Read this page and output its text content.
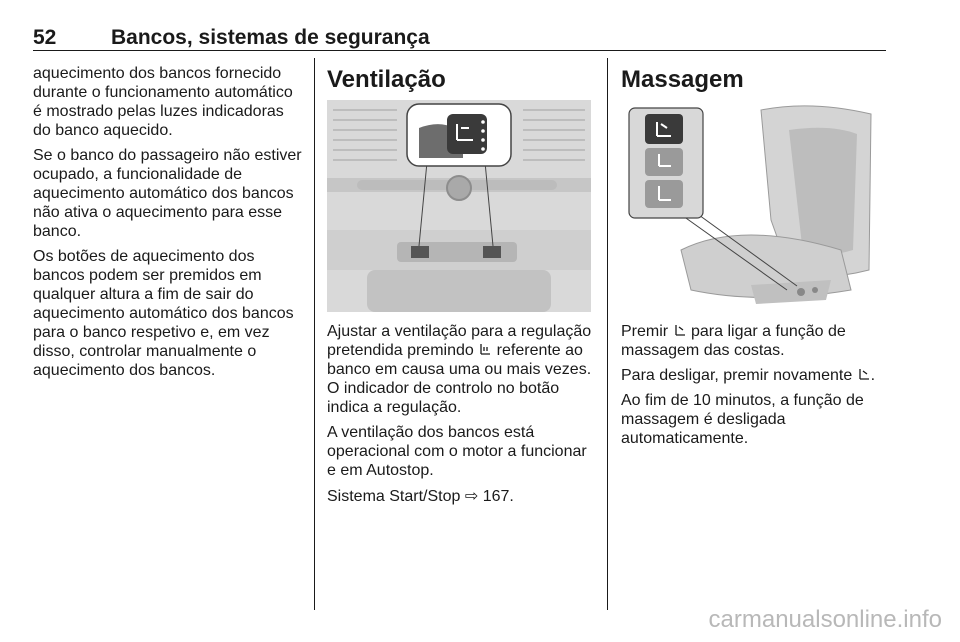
52	Bancos, sistemas de segurança

aquecimento dos bancos fornecido durante o funcionamento automático é mostrado pelas luzes indicadoras do banco aquecido.

Se o banco do passageiro não estiver ocupado, a funcionalidade de aquecimento automático dos bancos não ativa o aquecimento para esse banco.

Os botões de aquecimento dos bancos podem ser premidos em qualquer altura a fim de sair do aquecimento automático dos bancos para o banco respetivo e, em vez disso, controlar manualmente o aquecimento dos bancos.

Ventilação

Ajustar a ventilação para a regulação pretendida premindo  referente ao banco em causa uma ou mais vezes. O indicador de controlo no botão indica a regulação.

A ventilação dos bancos está operacional com o motor a funcionar e em Autostop.

Sistema Start/Stop ⇨ 167.

Massagem

Premir  para ligar a função de massagem das costas.

Para desligar, premir novamente .

Ao fim de 10 minutos, a função de massagem é desligada automaticamente.

carmanualsonline.info
